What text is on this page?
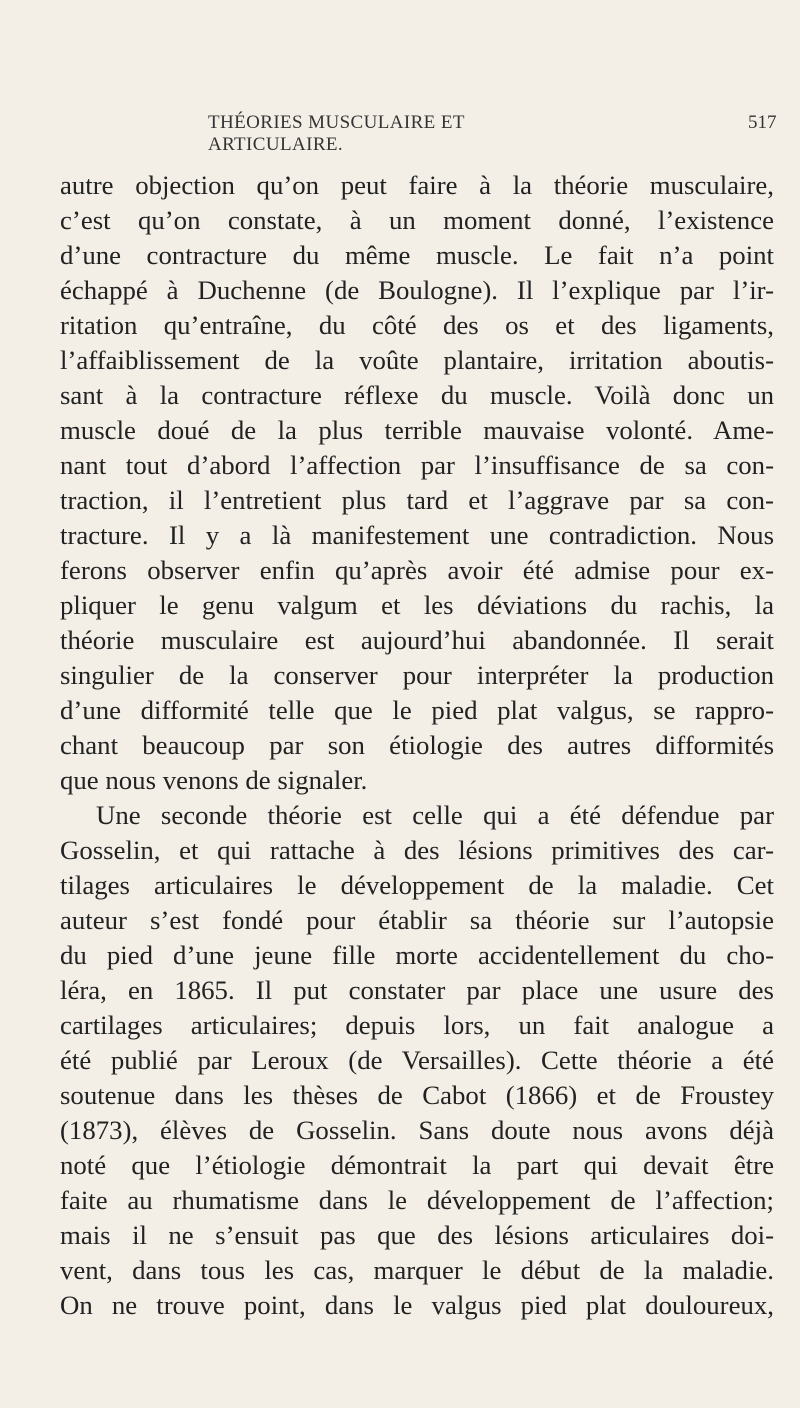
THÉORIES MUSCULAIRE ET ARTICULAIRE.
517
autre objection qu’on peut faire à la théorie musculaire,
c’est qu’on constate, à un moment donné, l’existence
d’une contracture du même muscle. Le fait n’a point
échappé à Duchenne (de Boulogne). Il l’explique par l’ir-
ritation qu’entraîne, du côté des os et des ligaments,
l’affaiblissement de la voûte plantaire, irritation aboutis-
sant à la contracture réflexe du muscle. Voilà donc un
muscle doué de la plus terrible mauvaise volonté. Ame-
nant tout d’abord l’affection par l’insuffisance de sa con-
traction, il l’entretient plus tard et l’aggrave par sa con-
tracture. Il y a là manifestement une contradiction. Nous
ferons observer enfin qu’après avoir été admise pour ex-
pliquer le genu valgum et les déviations du rachis, la
théorie musculaire est aujourd’hui abandonnée. Il serait
singulier de la conserver pour interpréter la production
d’une difformité telle que le pied plat valgus, se rappro-
chant beaucoup par son étiologie des autres difformités
que nous venons de signaler.
Une seconde théorie est celle qui a été défendue par
Gosselin, et qui rattache à des lésions primitives des car-
tilages articulaires le développement de la maladie. Cet
auteur s’est fondé pour établir sa théorie sur l’autopsie
du pied d’une jeune fille morte accidentellement du cho-
léra, en 1865. Il put constater par place une usure des
cartilages articulaires; depuis lors, un fait analogue a
été publié par Leroux (de Versailles). Cette théorie a été
soutenue dans les thèses de Cabot (1866) et de Froustey
(1873), élèves de Gosselin. Sans doute nous avons déjà
noté que l’étiologie démontrait la part qui devait être
faite au rhumatisme dans le développement de l’affection;
mais il ne s’ensuit pas que des lésions articulaires doi-
vent, dans tous les cas, marquer le début de la maladie.
On ne trouve point, dans le valgus pied plat douloureux,
